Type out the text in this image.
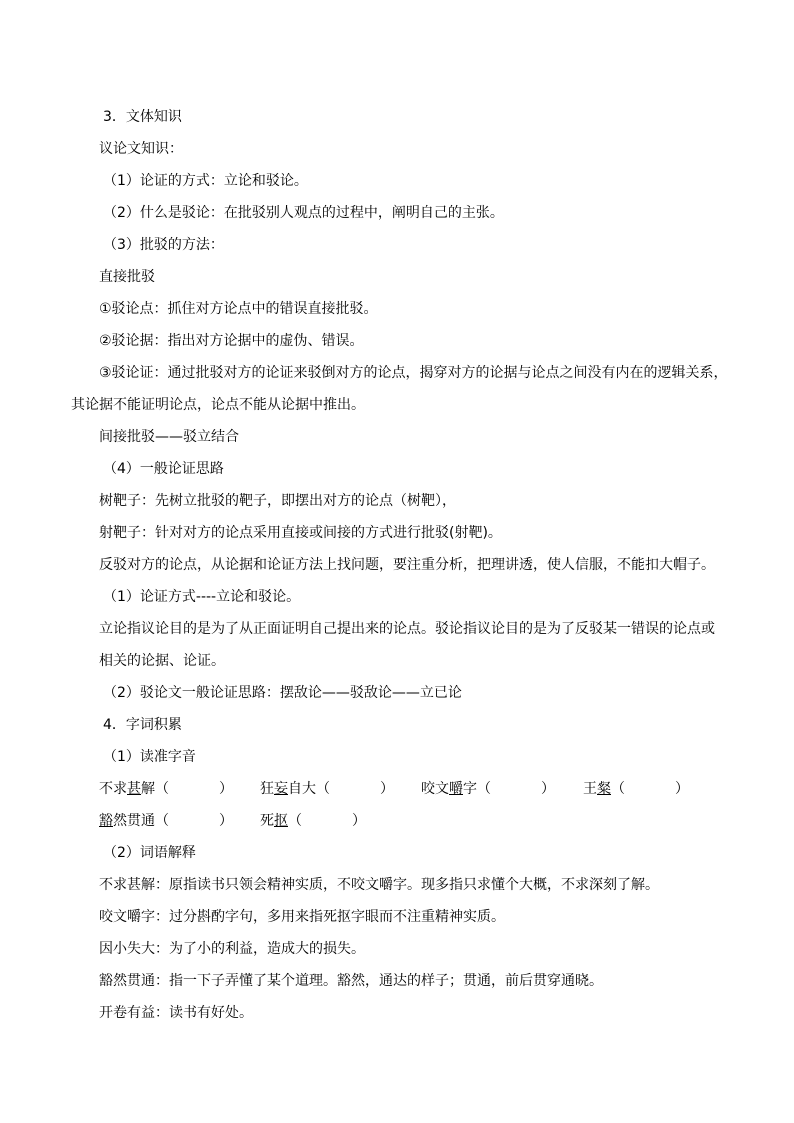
3．文体知识
议论文知识：
（1）论证的方式：立论和驳论。
（2）什么是驳论：在批驳别人观点的过程中，阐明自己的主张。
（3）批驳的方法：
直接批驳
①驳论点：抓住对方论点中的错误直接批驳。
②驳论据：指出对方论据中的虚伪、错误。
③驳论证：通过批驳对方的论证来驳倒对方的论点，揭穿对方的论据与论点之间没有内在的逻辑关系，
其论据不能证明论点，论点不能从论据中推出。
间接批驳——驳立结合
（4）一般论证思路
树靶子：先树立批驳的靶子，即摆出对方的论点（树靶），
射靶子：针对对方的论点采用直接或间接的方式进行批驳(射靶)。
反驳对方的论点，从论据和论证方法上找问题，要注重分析，把理讲透，使人信服，不能扣大帽子。
（1）论证方式----立论和驳论。
立论指议论目的是为了从正面证明自己提出来的论点。驳论指议论目的是为了反驳某一错误的论点或
相关的论据、论证。
（2）驳论文一般论证思路：摆敌论——驳敌论——立已论
4．字词积累
（1）读准字音
不求甚解（	） 狂妄自大（	） 咬文嚼字（	） 王粲（	）
豁然贯通（	） 死抠（	）
（2）词语解释
不求甚解：原指读书只领会精神实质，不咬文嚼字。现多指只求懂个大概，不求深刻了解。
咬文嚼字：过分斟酌字句，多用来指死抠字眼而不注重精神实质。
因小失大：为了小的利益，造成大的损失。
豁然贯通：指一下子弄懂了某个道理。豁然，通达的样子；贯通，前后贯穿通晓。
开卷有益：读书有好处。
